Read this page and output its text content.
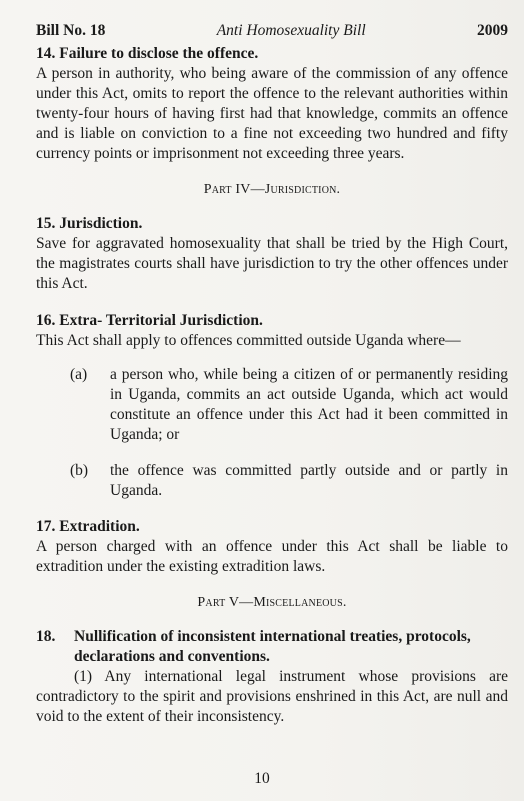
Bill No. 18	Anti Homosexuality Bill	2009
14. Failure to disclose the offence.
A person in authority, who being aware of the commission of any offence under this Act, omits to report the offence to the relevant authorities within twenty-four hours of having first had that knowledge, commits an offence and is liable on conviction to a fine not exceeding two hundred and fifty currency points or imprisonment not exceeding three years.
Part IV—Jurisdiction.
15. Jurisdiction.
Save for aggravated homosexuality that shall be tried by the High Court, the magistrates courts shall have jurisdiction to try the other offences under this Act.
16. Extra- Territorial Jurisdiction.
This Act shall apply to offences committed outside Uganda where—
(a)	a person who, while being a citizen of or permanently residing in Uganda, commits an act outside Uganda, which act would constitute an offence under this Act had it been committed in Uganda; or
(b)	the offence was committed partly outside and or partly in Uganda.
17. Extradition.
A person charged with an offence under this Act shall be liable to extradition under the existing extradition laws.
Part V—Miscellaneous.
18.	Nullification of inconsistent international treaties, protocols, declarations and conventions.
(1) Any international legal instrument whose provisions are contradictory to the spirit and provisions enshrined in this Act, are null and void to the extent of their inconsistency.
10
